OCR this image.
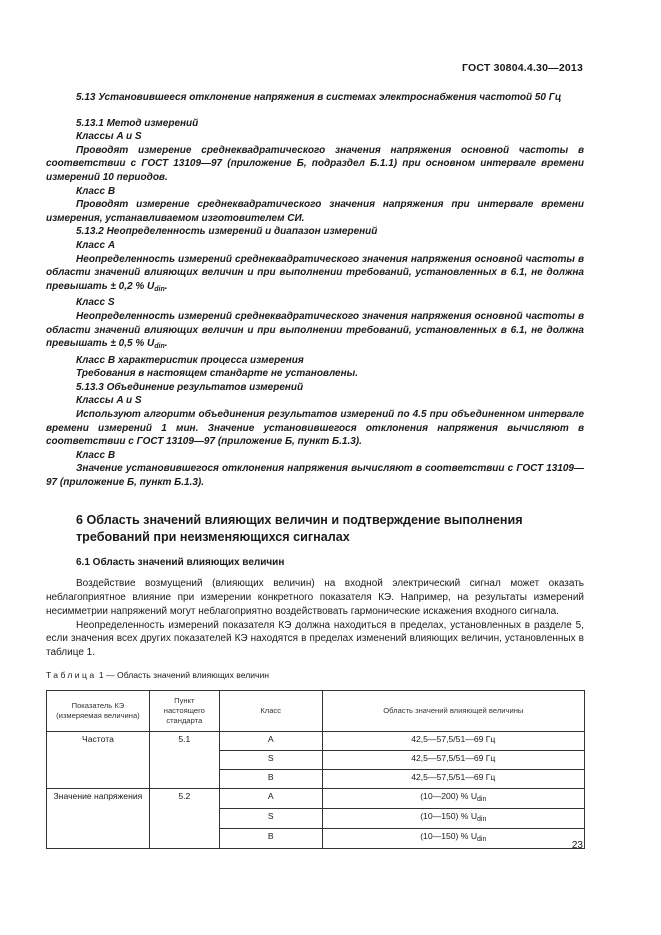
ГОСТ 30804.4.30—2013

5.13 Установившееся отклонение напряжения в системах электроснабжения частотой 50 Гц

5.13.1 Метод измерений

Классы A и S

Проводят измерение среднеквадратического значения напряжения основной частоты в соответствии с ГОСТ 13109—97 (приложение Б, подраздел Б.1.1) при основном интервале времени измерений 10 периодов.

Класс B

Проводят измерение среднеквадратического значения напряжения при интервале времени измерения, устанавливаемом изготовителем СИ.

5.13.2 Неопределенность измерений и диапазон измерений

Класс A

Неопределенность измерений среднеквадратического значения напряжения основной частоты в области значений влияющих величин и при выполнении требований, установленных в 6.1, не должна превышать ± 0,2 % $U_{din}$.

Класс S

Неопределенность измерений среднеквадратического значения напряжения основной частоты в области значений влияющих величин и при выполнении требований, установленных в 6.1, не должна превышать ± 0,5 % $U_{din}$.

Класс B характеристик процесса измерения

Требования в настоящем стандарте не установлены.

5.13.3 Объединение результатов измерений

Классы A и S

Используют алгоритм объединения результатов измерений по 4.5 при объединенном интервале времени измерений 1 мин. Значение установившегося отклонения напряжения вычисляют в соответствии с ГОСТ 13109—97 (приложение Б, пункт Б.1.3).

Класс B

Значение установившегося отклонения напряжения вычисляют в соответствии с ГОСТ 13109—97 (приложение Б, пункт Б.1.3).

6 Область значений влияющих величин и подтверждение выполнения требований при неизменяющихся сигналах

6.1 Область значений влияющих величин

Воздействие возмущений (влияющих величин) на входной электрический сигнал может оказать неблагоприятное влияние при измерении конкретного показателя КЭ. Например, на результаты измерений несимметрии напряжений могут неблагоприятно воздействовать гармонические искажения входного сигнала.

Неопределенность измерений показателя КЭ должна находиться в пределах, установленных в разделе 5, если значения всех других показателей КЭ находятся в пределах изменений влияющих величин, установленных в таблице 1.

Таблица 1 — Область значений влияющих величин

Показатель КЭ (измеряемая величина)	Пункт настоящего стандарта	Класс	Область значений влияющей величины
Частота	5.1	A	42,5—57,5/51—69 Гц
		S	42,5—57,5/51—69 Гц
		B	42,5—57,5/51—69 Гц
Значение напряжения	5.2	A	(10—200) % $U_{din}$
		S	(10—150) % $U_{din}$
		B	(10—150) % $U_{din}$
23
